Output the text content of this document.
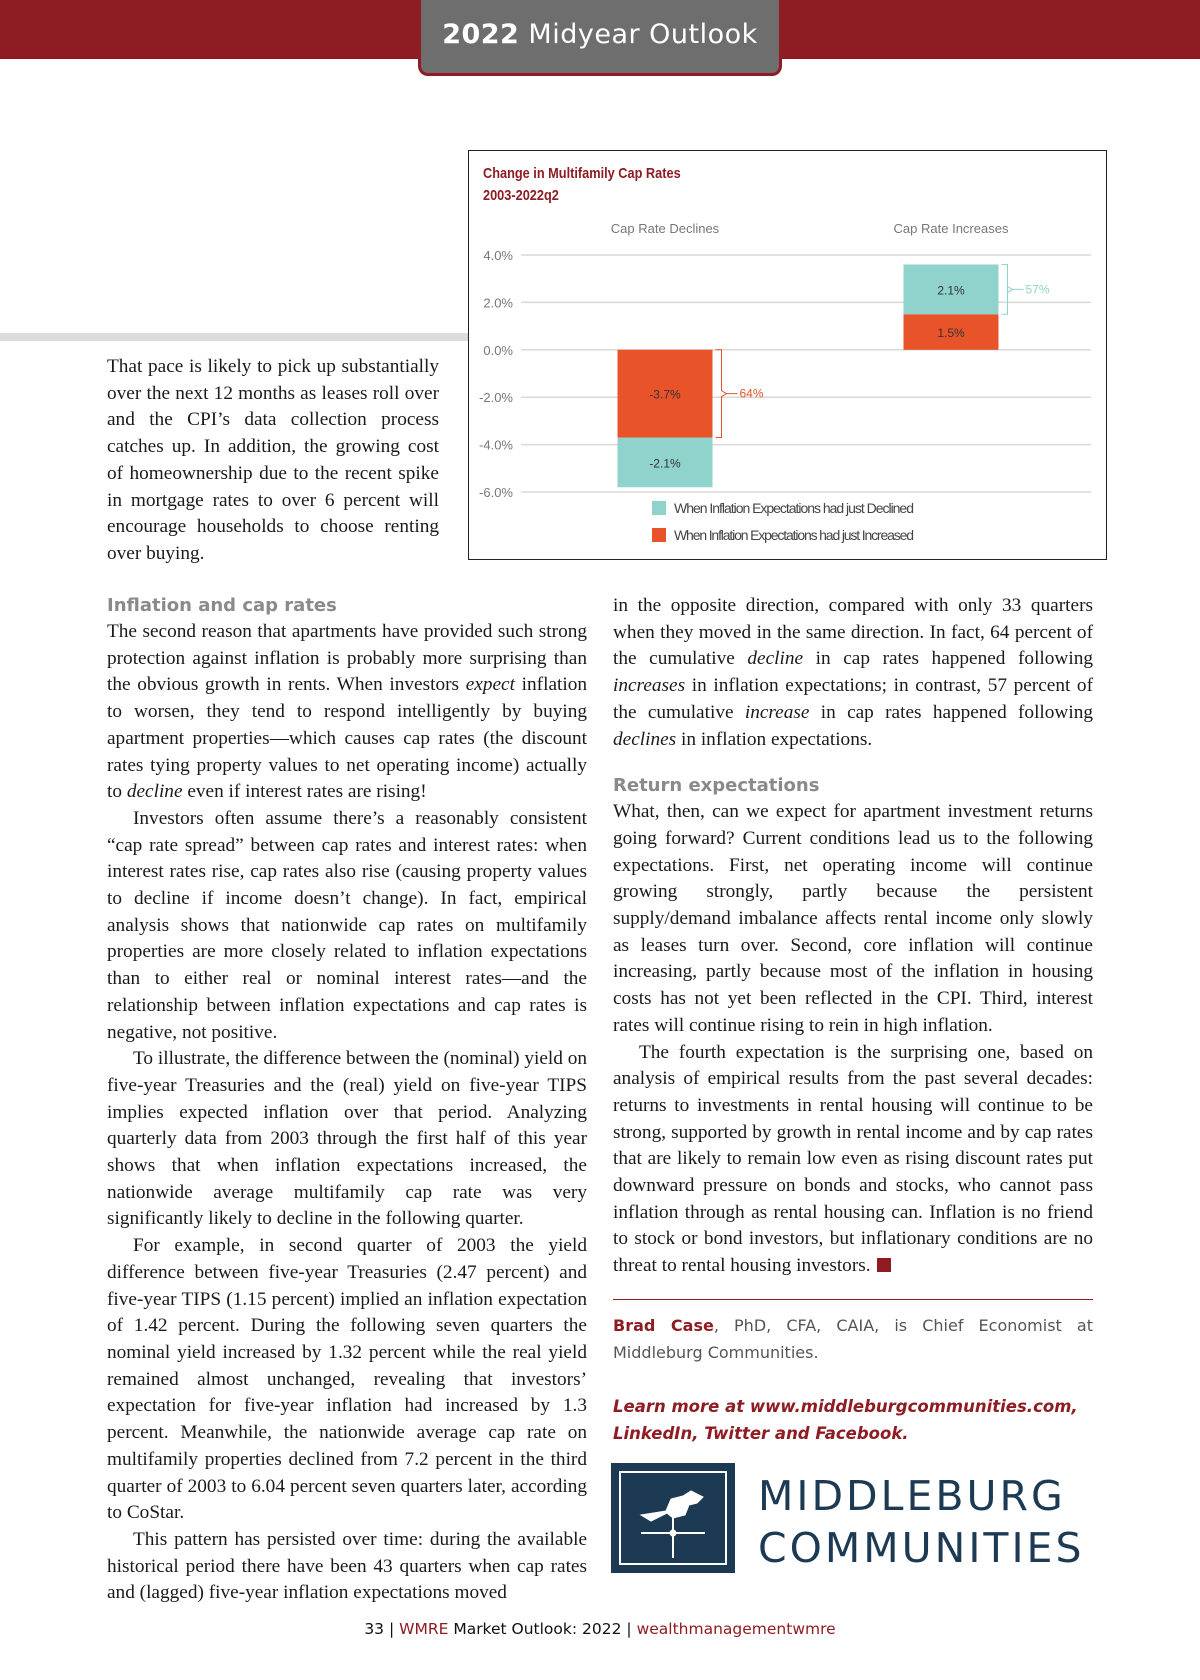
2022 Midyear Outlook

That pace is likely to pick up substantially over the next 12 months as leases roll over and the CPI’s data collection process catches up. In addition, the growing cost of homeownership due to the recent spike in mortgage rates to over 6 percent will encourage households to choose renting over buying.

Change in Multifamily Cap Rates
2003-2022q2
4.0%
2.0%
0.0%
-2.0%
-4.0%
-6.0%
Cap Rate Declines
-3.7%
-2.1%
64%
Cap Rate Increases
1.5%
2.1%	57%
When Inflation Expectations had just Declined
When Inflation Expectations had just Increased
Inflation and cap rates

The second reason that apartments have provided such strong protection against inflation is probably more surprising than the obvious growth in rents. When investors expect inflation to worsen, they tend to respond intelligently by buying apartment properties—which causes cap rates (the discount rates tying property values to net operating income) actually to decline even if interest rates are rising!

Investors often assume there’s a reasonably consistent “cap rate spread” between cap rates and interest rates: when interest rates rise, cap rates also rise (causing property values to decline if income doesn’t change). In fact, empirical analysis shows that nationwide cap rates on multifamily properties are more closely related to inflation expectations than to either real or nominal interest rates—and the relationship between inflation expectations and cap rates is negative, not positive.

To illustrate, the difference between the (nominal) yield on five-year Treasuries and the (real) yield on five-year TIPS implies expected inflation over that period. Analyzing quarterly data from 2003 through the first half of this year shows that when inflation expectations increased, the nationwide average multifamily cap rate was very significantly likely to decline in the following quarter.

For example, in second quarter of 2003 the yield difference between five-year Treasuries (2.47 percent) and five-year TIPS (1.15 percent) implied an inflation expectation of 1.42 percent. During the following seven quarters the nominal yield increased by 1.32 percent while the real yield remained almost unchanged, revealing that investors’ expectation for five-year inflation had increased by 1.3 percent. Meanwhile, the nationwide average cap rate on multifamily properties declined from 7.2 percent in the third quarter of 2003 to 6.04 percent seven quarters later, according to CoStar.

This pattern has persisted over time: during the available historical period there have been 43 quarters when cap rates and (lagged) five-year inflation expectations moved

in the opposite direction, compared with only 33 quarters when they moved in the same direction. In fact, 64 percent of the cumulative decline in cap rates happened following increases in inflation expectations; in contrast, 57 percent of the cumulative increase in cap rates happened following declines in inflation expectations.

Return expectations

What, then, can we expect for apartment investment returns going forward? Current conditions lead us to the following expectations. First, net operating income will continue growing strongly, partly because the persistent supply/demand imbalance affects rental income only slowly as leases turn over. Second, core inflation will continue increasing, partly because most of the inflation in housing costs has not yet been reflected in the CPI. Third, interest rates will continue rising to rein in high inflation.

The fourth expectation is the surprising one, based on analysis of empirical results from the past several decades: returns to investments in rental housing will continue to be strong, supported by growth in rental income and by cap rates that are likely to remain low even as rising discount rates put downward pressure on bonds and stocks, who cannot pass inflation through as rental housing can. Inflation is no friend to stock or bond investors, but inflationary conditions are no threat to rental housing investors.

Brad Case, PhD, CFA, CAIA, is Chief Economist at Middleburg Communities.
Learn more at www.middleburgcommunities.com, LinkedIn, Twitter and Facebook.
MIDDLEBURG
COMMUNITIES
33 | WMRE Market Outlook: 2022 | wealthmanagementwmre
